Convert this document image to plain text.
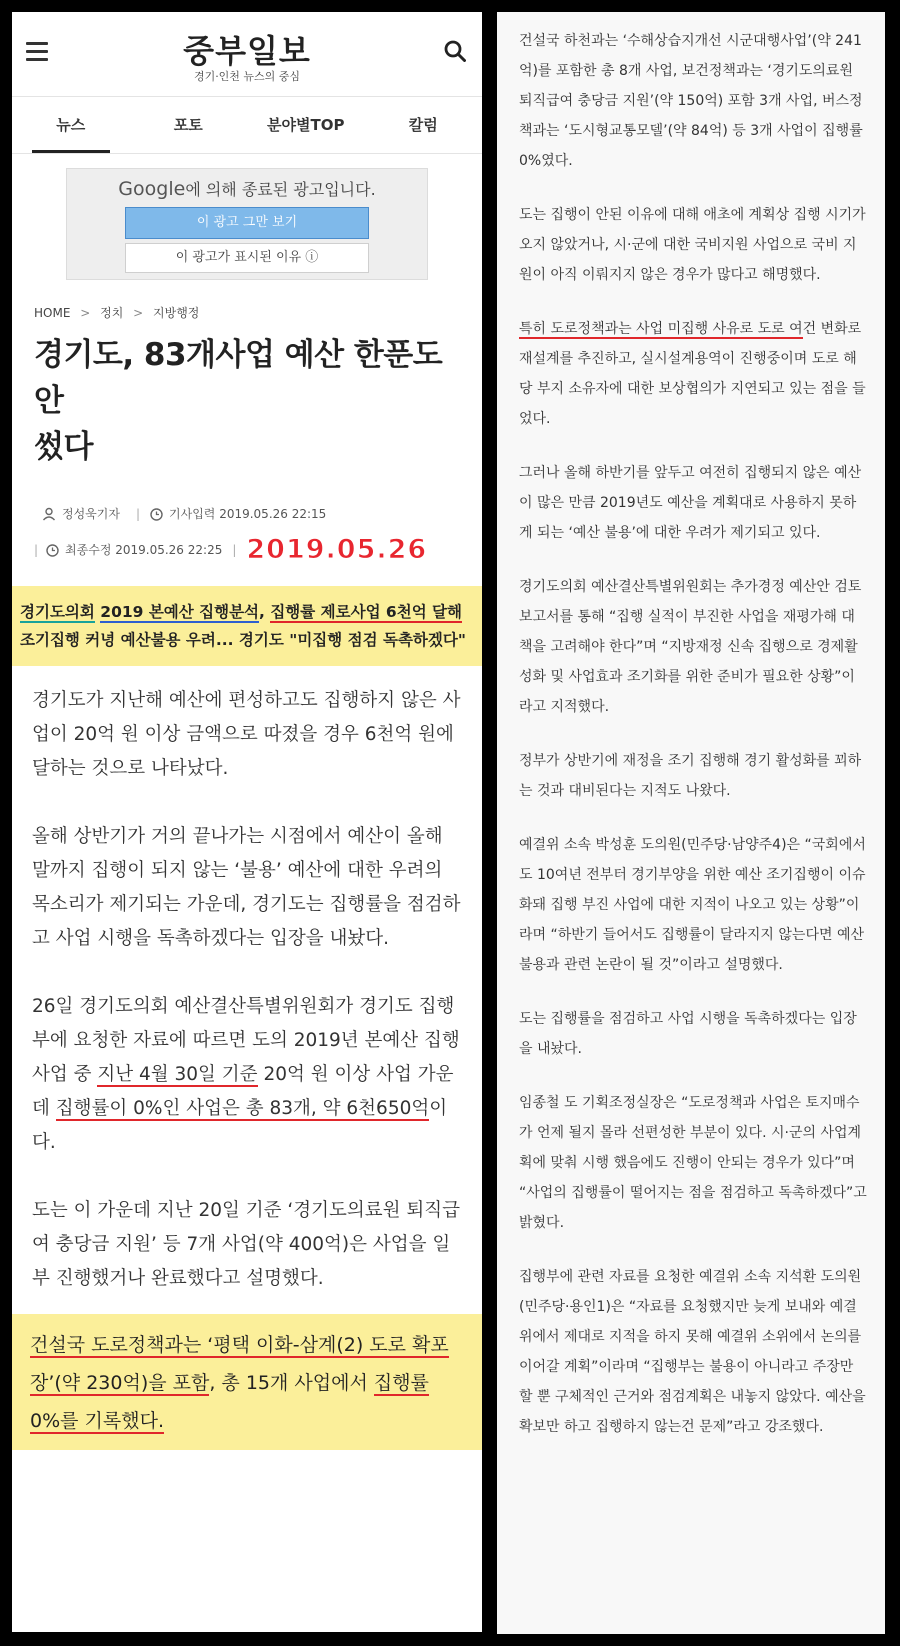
중부일보
경기·인천 뉴스의 중심
뉴스	포토	분야별TOP	칼럼
Google에 의해 종료된 광고입니다.
이 광고 그만 보기
이 광고가 표시된 이유 ⓘ
HOME > 정치 > 지방행정
경기도, 83개사업 예산 한푼도 안
썼다
정성욱기자 | 기사입력 2019.05.26 22:15
| 최종수정 2019.05.26 22:25 | 2019.05.26
경기도의회 2019 본예산 집행분석, 집행률 제로사업 6천억 달해
조기집행 커녕 예산불용 우려... 경기도 "미집행 점검 독촉하겠다"

경기도가 지난해 예산에 편성하고도 집행하지 않은 사업이 20억 원 이상 금액으로 따졌을 경우 6천억 원에 달하는 것으로 나타났다.

올해 상반기가 거의 끝나가는 시점에서 예산이 올해 말까지 집행이 되지 않는 ‘불용’ 예산에 대한 우려의 목소리가 제기되는 가운데, 경기도는 집행률을 점검하고 사업 시행을 독촉하겠다는 입장을 내놨다.

26일 경기도의회 예산결산특별위원회가 경기도 집행부에 요청한 자료에 따르면 도의 2019년 본예산 집행사업 중 지난 4월 30일 기준 20억 원 이상 사업 가운데 집행률이 0%인 사업은 총 83개, 약 6천650억이다.

도는 이 가운데 지난 20일 기준 ‘경기도의료원 퇴직급여 충당금 지원’ 등 7개 사업(약 400억)은 사업을 일부 진행했거나 완료했다고 설명했다.

건설국 도로정책과는 ‘평택 이화-삼계(2) 도로 확포장’(약 230억)을 포함, 총 15개 사업에서 집행률 0%를 기록했다.

건설국 하천과는 ‘수해상습지개선 시군대행사업’(약 241억)를 포함한 총 8개 사업, 보건정책과는 ‘경기도의료원 퇴직급여 충당금 지원’(약 150억) 포함 3개 사업, 버스정책과는 ‘도시형교통모델’(약 84억) 등 3개 사업이 집행률 0%였다.

도는 집행이 안된 이유에 대해 애초에 계획상 집행 시기가 오지 않았거나, 시·군에 대한 국비지원 사업으로 국비 지원이 아직 이뤄지지 않은 경우가 많다고 해명했다.

특히 도로정책과는 사업 미집행 사유로 도로 여건 변화로 재설계를 추진하고, 실시설계용역이 진행중이며 도로 해당 부지 소유자에 대한 보상협의가 지연되고 있는 점을 들었다.

그러나 올해 하반기를 앞두고 여전히 집행되지 않은 예산이 많은 만큼 2019년도 예산을 계획대로 사용하지 못하게 되는 ‘예산 불용’에 대한 우려가 제기되고 있다.

경기도의회 예산결산특별위원회는 추가경정 예산안 검토보고서를 통해 “집행 실적이 부진한 사업을 재평가해 대책을 고려해야 한다”며 “지방재정 신속 집행으로 경제활성화 및 사업효과 조기화를 위한 준비가 필요한 상황”이라고 지적했다.

정부가 상반기에 재정을 조기 집행해 경기 활성화를 꾀하는 것과 대비된다는 지적도 나왔다.

예결위 소속 박성훈 도의원(민주당·남양주4)은 “국회에서도 10여년 전부터 경기부양을 위한 예산 조기집행이 이슈화돼 집행 부진 사업에 대한 지적이 나오고 있는 상황”이라며 “하반기 들어서도 집행률이 달라지지 않는다면 예산 불용과 관련 논란이 될 것”이라고 설명했다.

도는 집행률을 점검하고 사업 시행을 독촉하겠다는 입장을 내놨다.

임종철 도 기획조정실장은 “도로정책과 사업은 토지매수가 언제 될지 몰라 선편성한 부분이 있다. 시·군의 사업계획에 맞춰 시행 했음에도 진행이 안되는 경우가 있다”며 “사업의 집행률이 떨어지는 점을 점검하고 독촉하겠다”고 밝혔다.

집행부에 관련 자료를 요청한 예결위 소속 지석환 도의원(민주당·용인1)은 “자료를 요청했지만 늦게 보내와 예결위에서 제대로 지적을 하지 못해 예결위 소위에서 논의를 이어갈 계획”이라며 “집행부는 불용이 아니라고 주장만 할 뿐 구체적인 근거와 점검계획은 내놓지 않았다. 예산을 확보만 하고 집행하지 않는건 문제”라고 강조했다.
